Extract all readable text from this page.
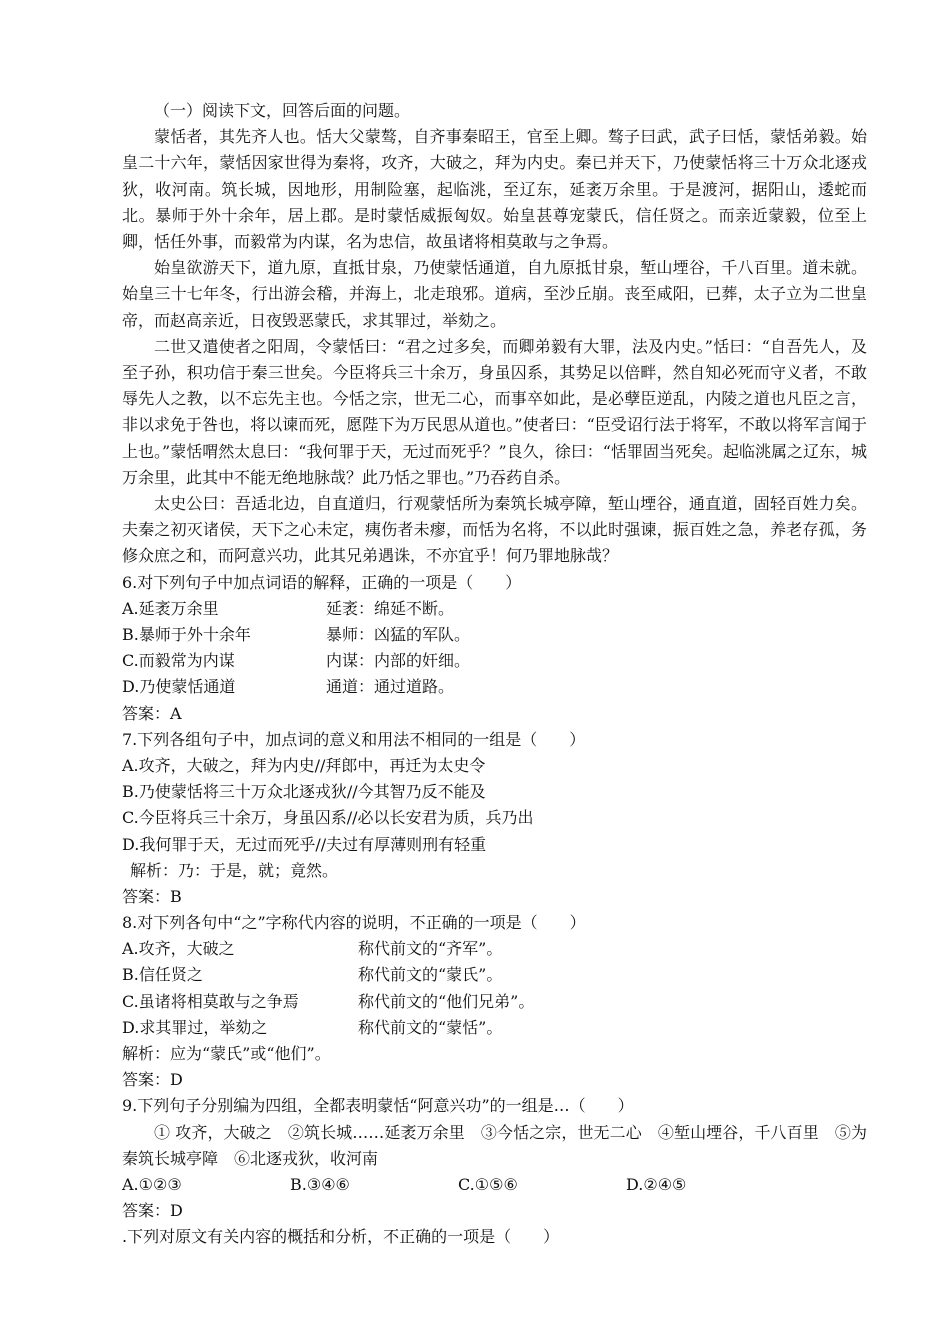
（一）阅读下文，回答后面的问题。

蒙恬者，其先齐人也。恬大父蒙骜，自齐事秦昭王，官至上卿。骜子曰武，武子曰恬，蒙恬弟毅。始皇二十六年，蒙恬因家世得为秦将，攻齐，大破之，拜为内史。秦已并天下，乃使蒙恬将三十万众北逐戎狄，收河南。筑长城，因地形，用制险塞，起临洮，至辽东，延袤万余里。于是渡河，据阳山，逶蛇而北。暴师于外十余年，居上郡。是时蒙恬威振匈奴。始皇甚尊宠蒙氏，信任贤之。而亲近蒙毅，位至上卿，恬任外事，而毅常为内谋，名为忠信，故虽诸将相莫敢与之争焉。

始皇欲游天下，道九原，直抵甘泉，乃使蒙恬通道，自九原抵甘泉，堑山堙谷，千八百里。道未就。始皇三十七年冬，行出游会稽，并海上，北走琅邪。道病，至沙丘崩。丧至咸阳，已葬，太子立为二世皇帝，而赵高亲近，日夜毁恶蒙氏，求其罪过，举劾之。

二世又遣使者之阳周，令蒙恬曰：“君之过多矣，而卿弟毅有大罪，法及内史。”恬曰：“自吾先人，及至子孙，积功信于秦三世矣。今臣将兵三十余万，身虽囚系，其势足以倍畔，然自知必死而守义者，不敢辱先人之教，以不忘先主也。今恬之宗，世无二心，而事卒如此，是必孽臣逆乱，内陵之道也凡臣之言，非以求免于咎也，将以谏而死，愿陛下为万民思从道也。”使者曰：“臣受诏行法于将军，不敢以将军言闻于上也。”蒙恬喟然太息曰：“我何罪于天，无过而死乎？”良久，徐曰：“恬罪固当死矣。起临洮属之辽东，城万余里，此其中不能无绝地脉哉？此乃恬之罪也。”乃吞药自杀。

太史公曰：吾适北边，自直道归，行观蒙恬所为秦筑长城亭障，堑山堙谷，通直道，固轻百姓力矣。夫秦之初灭诸侯，天下之心未定，痍伤者未瘳，而恬为名将，不以此时强谏，振百姓之急，养老存孤，务修众庶之和，而阿意兴功，此其兄弟遇诛，不亦宜乎！何乃罪地脉哉？

6.对下列句子中加点词语的解释，正确的一项是（　　）
A.延袤万余里	延袤：绵延不断。
B.暴师于外十余年	暴师：凶猛的军队。
C.而毅常为内谋	内谋：内部的奸细。
D.乃使蒙恬通道	通道：通过道路。
答案：A
7.下列各组句子中，加点词的意义和用法不相同的一组是（　　）
A.攻齐，大破之，拜为内史//拜郎中，再迁为太史令
B.乃使蒙恬将三十万众北逐戎狄//今其智乃反不能及
C.今臣将兵三十余万，身虽囚系//必以长安君为质，兵乃出
D.我何罪于天，无过而死乎//夫过有厚薄则刑有轻重
解析：乃：于是，就；竟然。
答案：B
8.对下列各句中“之”字称代内容的说明，不正确的一项是（　　）
A.攻齐，大破之	称代前文的“齐军”。
B.信任贤之	称代前文的“蒙氏”。
C.虽诸将相莫敢与之争焉	称代前文的“他们兄弟”。
D.求其罪过，举劾之	称代前文的“蒙恬”。
解析：应为“蒙氏”或“他们”。
答案：D
9.下列句子分别编为四组，全都表明蒙恬“阿意兴功”的一组是…（　　）

① 攻齐，大破之　②筑长城……延袤万余里　③今恬之宗，世无二心　④堑山堙谷，千八百里　⑤为秦筑长城亭障　⑥北逐戎狄，收河南

A.①②③	B.③④⑥	C.①⑤⑥	D.②④⑤
答案：D
.下列对原文有关内容的概括和分析，不正确的一项是（　　）
